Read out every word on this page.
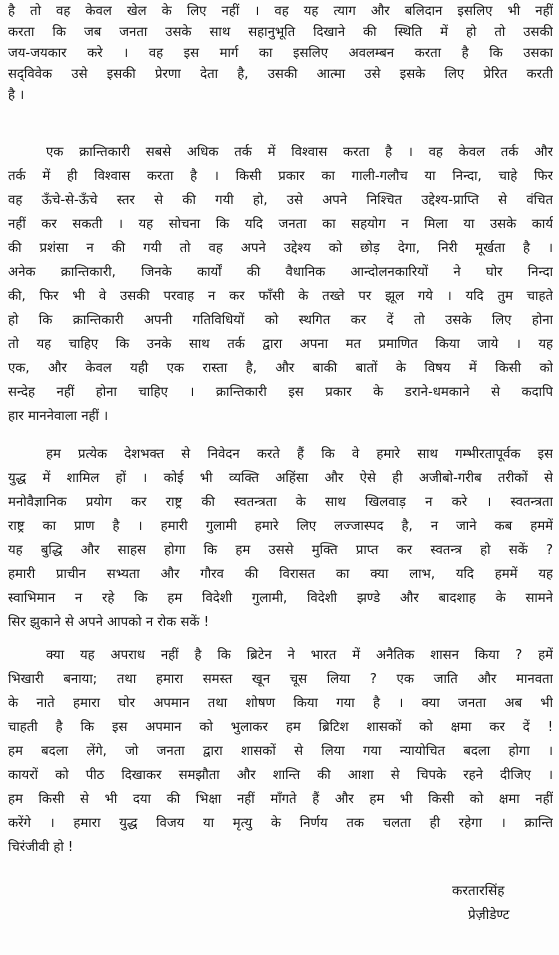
है तो वह केवल खेल के लिए नहीं । वह यह त्याग और बलिदान इसलिए भी नहीं
करता कि जब जनता उसके साथ सहानुभूति दिखाने की स्थिति में हो तो उसकी
जय-जयकार करे । वह इस मार्ग का इसलिए अवलम्बन करता है कि उसका
सद्‌विवेक उसे इसकी प्रेरणा देता है, उसकी आत्मा उसे इसके लिए प्रेरित करती
है ।
एक क्रान्तिकारी सबसे अधिक तर्क में विश्वास करता है । वह केवल तर्क और
तर्क में ही विश्वास करता है । किसी प्रकार का गाली-गलौच या निन्दा, चाहे फिर
वह ऊँचे-से-ऊँचे स्तर से की गयी हो, उसे अपने निश्चित उद्देश्य-प्राप्ति से वंचित
नहीं कर सकती । यह सोचना कि यदि जनता का सहयोग न मिला या उसके कार्य
की प्रशंसा न की गयी तो वह अपने उद्देश्य को छोड़ देगा, निरी मूर्खता है ।
अनेक क्रान्तिकारी, जिनके कार्यों की वैधानिक आन्दोलनकारियों ने घोर निन्दा
की, फिर भी वे उसकी परवाह न कर फाँसी के तख्ते पर झूल गये । यदि तुम चाहते
हो कि क्रान्तिकारी अपनी गतिविधियों को स्थगित कर दें तो उसके लिए होना
तो यह चाहिए कि उनके साथ तर्क द्वारा अपना मत प्रमाणित किया जाये । यह
एक, और केवल यही एक रास्ता है, और बाकी बातों के विषय में किसी को
सन्देह नहीं होना चाहिए । क्रान्तिकारी इस प्रकार के डराने-धमकाने से कदापि
हार माननेवाला नहीं ।
हम प्रत्येक देशभक्त से निवेदन करते हैं कि वे हमारे साथ गम्भीरतापूर्वक इस
युद्ध में शामिल हों । कोई भी व्यक्ति अहिंसा और ऐसे ही अजीबो-गरीब तरीकों से
मनोवैज्ञानिक प्रयोग कर राष्ट्र की स्वतन्त्रता के साथ खिलवाड़ न करे । स्वतन्त्रता
राष्ट्र का प्राण है । हमारी गुलामी हमारे लिए लज्जास्पद है, न जाने कब हममें
यह बुद्धि और साहस होगा कि हम उससे मुक्ति प्राप्त कर स्वतन्त्र हो सकें ?
हमारी प्राचीन सभ्यता और गौरव की विरासत का क्या लाभ, यदि हममें यह
स्वाभिमान न रहे कि हम विदेशी गुलामी, विदेशी झण्डे और बादशाह के सामने
सिर झुकाने से अपने आपको न रोक सकें !
क्या यह अपराध नहीं है कि ब्रिटेन ने भारत में अनैतिक शासन किया ? हमें
भिखारी बनाया; तथा हमारा समस्त खून चूस लिया ? एक जाति और मानवता
के नाते हमारा घोर अपमान तथा शोषण किया गया है । क्या जनता अब भी
चाहती है कि इस अपमान को भुलाकर हम ब्रिटिश शासकों को क्षमा कर दें !
हम बदला लेंगे, जो जनता द्वारा शासकों से लिया गया न्यायोचित बदला होगा ।
कायरों को पीठ दिखाकर समझौता और शान्ति की आशा से चिपके रहने दीजिए ।
हम किसी से भी दया की भिक्षा नहीं माँगते हैं और हम भी किसी को क्षमा नहीं
करेंगे । हमारा युद्ध विजय या मृत्यु के निर्णय तक चलता ही रहेगा । क्रान्ति
चिरंजीवी हो !
करतारसिंह
प्रेज़ीडेण्ट
